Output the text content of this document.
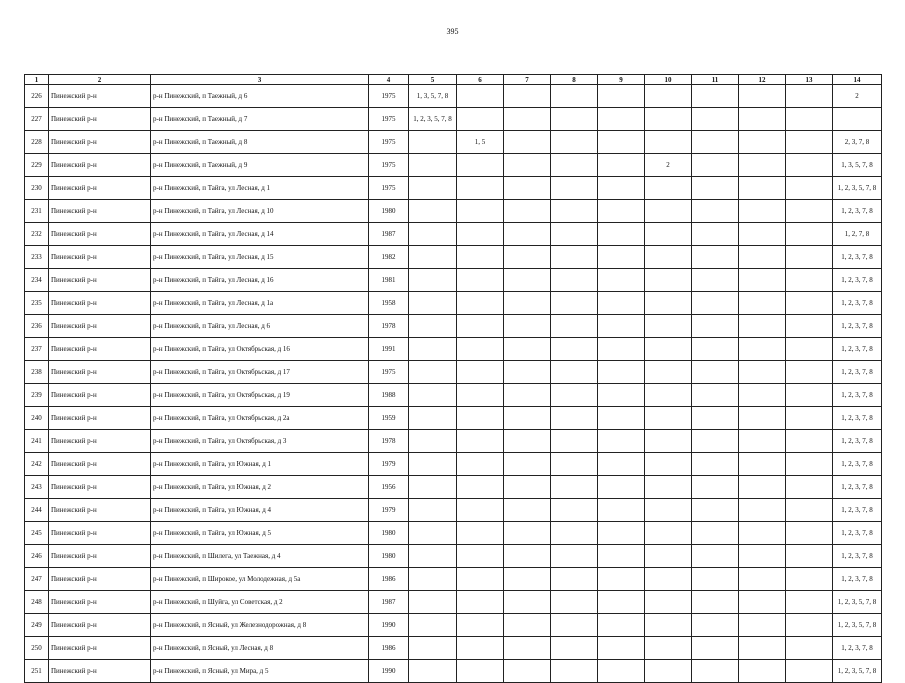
395
1	2	3	4	5	6	7	8	9	10	11	12	13	14
226	Пинежский р-н	р-н Пинежский, п Таежный, д 6	1975	1, 3, 5, 7, 8									2
227	Пинежский р-н	р-н Пинежский, п Таежный, д 7	1975	1, 2, 3, 5, 7, 8									
228	Пинежский р-н	р-н Пинежский, п Таежный, д 8	1975		1, 5								2, 3, 7, 8
229	Пинежский р-н	р-н Пинежский, п Таежный, д 9	1975						2				1, 3, 5, 7, 8
230	Пинежский р-н	р-н Пинежский, п Тайга, ул Лесная, д 1	1975										1, 2, 3, 5, 7, 8
231	Пинежский р-н	р-н Пинежский, п Тайга, ул Лесная, д 10	1980										1, 2, 3, 7, 8
232	Пинежский р-н	р-н Пинежский, п Тайга, ул Лесная, д 14	1987										1, 2, 7, 8
233	Пинежский р-н	р-н Пинежский, п Тайга, ул Лесная, д 15	1982										1, 2, 3, 7, 8
234	Пинежский р-н	р-н Пинежский, п Тайга, ул Лесная, д 16	1981										1, 2, 3, 7, 8
235	Пинежский р-н	р-н Пинежский, п Тайга, ул Лесная, д 1а	1958										1, 2, 3, 7, 8
236	Пинежский р-н	р-н Пинежский, п Тайга, ул Лесная, д 6	1978										1, 2, 3, 7, 8
237	Пинежский р-н	р-н Пинежский, п Тайга, ул Октябрьская, д 16	1991										1, 2, 3, 7, 8
238	Пинежский р-н	р-н Пинежский, п Тайга, ул Октябрьская, д 17	1975										1, 2, 3, 7, 8
239	Пинежский р-н	р-н Пинежский, п Тайга, ул Октябрьская, д 19	1988										1, 2, 3, 7, 8
240	Пинежский р-н	р-н Пинежский, п Тайга, ул Октябрьская, д 2а	1959										1, 2, 3, 7, 8
241	Пинежский р-н	р-н Пинежский, п Тайга, ул Октябрьская, д 3	1978										1, 2, 3, 7, 8
242	Пинежский р-н	р-н Пинежский, п Тайга, ул Южная, д 1	1979										1, 2, 3, 7, 8
243	Пинежский р-н	р-н Пинежский, п Тайга, ул Южная, д 2	1956										1, 2, 3, 7, 8
244	Пинежский р-н	р-н Пинежский, п Тайга, ул Южная, д 4	1979										1, 2, 3, 7, 8
245	Пинежский р-н	р-н Пинежский, п Тайга, ул Южная, д 5	1980										1, 2, 3, 7, 8
246	Пинежский р-н	р-н Пинежский, п Шилега, ул Таежная, д 4	1980										1, 2, 3, 7, 8
247	Пинежский р-н	р-н Пинежский, п Широкое, ул Молодежная, д 5а	1986										1, 2, 3, 7, 8
248	Пинежский р-н	р-н Пинежский, п Шуйга, ул Советская, д 2	1987										1, 2, 3, 5, 7, 8
249	Пинежский р-н	р-н Пинежский, п Ясный, ул Железнодорожная, д 8	1990										1, 2, 3, 5, 7, 8
250	Пинежский р-н	р-н Пинежский, п Ясный, ул Лесная, д 8	1986										1, 2, 3, 7, 8
251	Пинежский р-н	р-н Пинежский, п Ясный, ул Мира, д 5	1990										1, 2, 3, 5, 7, 8
